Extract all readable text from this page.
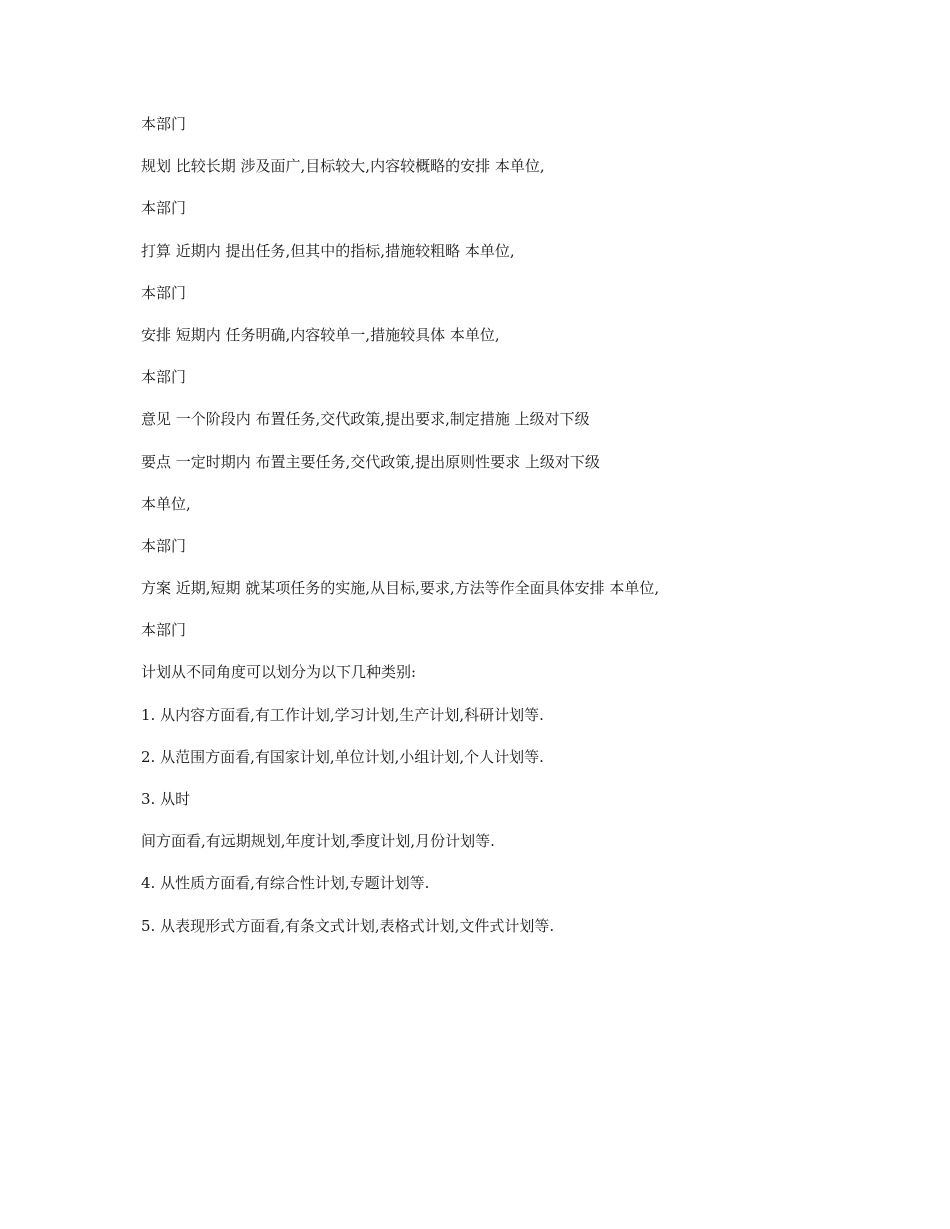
本部门
规划 比较长期 涉及面广,目标较大,内容较概略的安排 本单位,
本部门
打算 近期内 提出任务,但其中的指标,措施较粗略 本单位,
本部门
安排 短期内 任务明确,内容较单一,措施较具体 本单位,
本部门
意见 一个阶段内 布置任务,交代政策,提出要求,制定措施 上级对下级
要点 一定时期内 布置主要任务,交代政策,提出原则性要求 上级对下级
本单位,
本部门
方案 近期,短期 就某项任务的实施,从目标,要求,方法等作全面具体安排 本单位,
本部门
计划从不同角度可以划分为以下几种类别:
1. 从内容方面看,有工作计划,学习计划,生产计划,科研计划等.
2. 从范围方面看,有国家计划,单位计划,小组计划,个人计划等.
3. 从时
间方面看,有远期规划,年度计划,季度计划,月份计划等.
4. 从性质方面看,有综合性计划,专题计划等.
5. 从表现形式方面看,有条文式计划,表格式计划,文件式计划等.
